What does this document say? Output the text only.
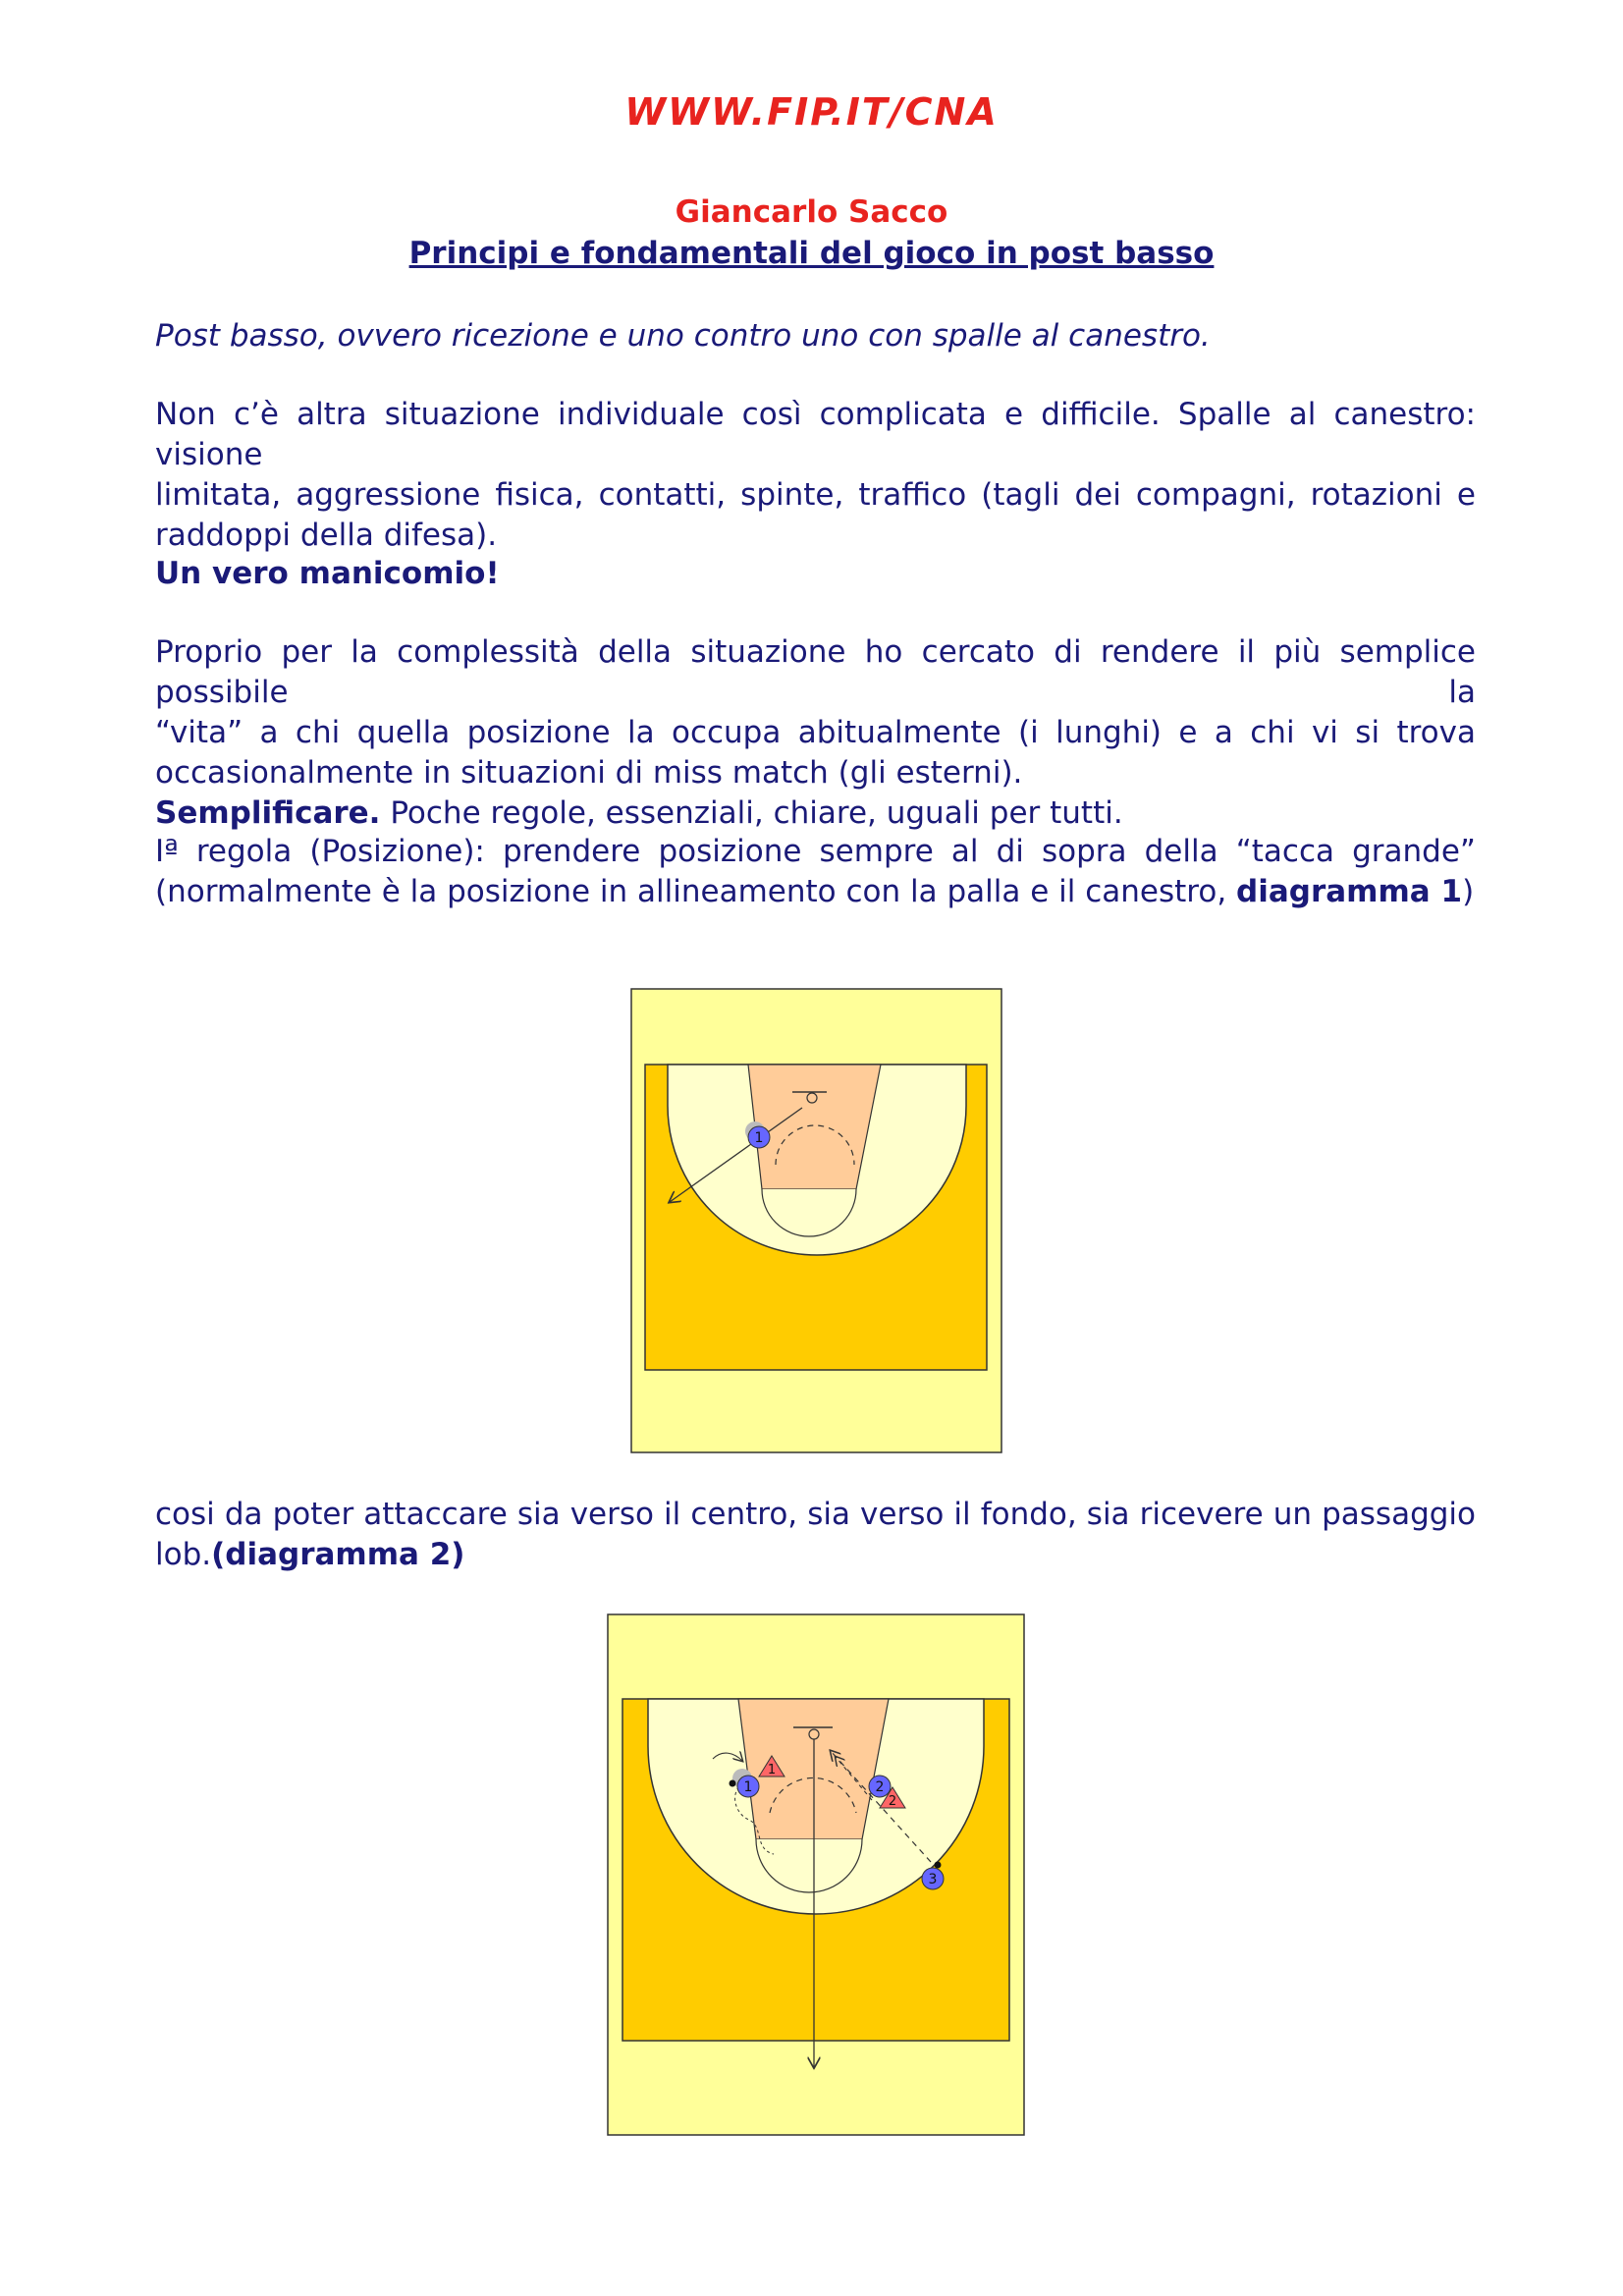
WWW.FIP.IT/CNA
Giancarlo Sacco
Principi e fondamentali del gioco in post basso

Post basso, ovvero ricezione e uno contro uno con spalle al canestro.

Non c’è altra situazione individuale così complicata e difficile. Spalle al canestro: visione
limitata, aggressione fisica, contatti, spinte, traffico (tagli dei compagni, rotazioni e
raddoppi della difesa).

Un vero manicomio!

Proprio per la complessità della situazione ho cercato di rendere il più semplice possibile la
“vita” a chi quella posizione la occupa abitualmente (i lunghi) e a chi vi si trova
occasionalmente in situazioni di miss match (gli esterni).
Semplificare. Poche regole, essenziali, chiare, uguali per tutti.

Iª regola (Posizione): prendere posizione sempre al di sopra della “tacca grande”
(normalmente è la posizione in allineamento con la palla e il canestro, diagramma 1)

1

cosi da poter attaccare sia verso il centro, sia verso il fondo, sia ricevere un passaggio
lob.(diagramma 2)

1
1
2
2
3
